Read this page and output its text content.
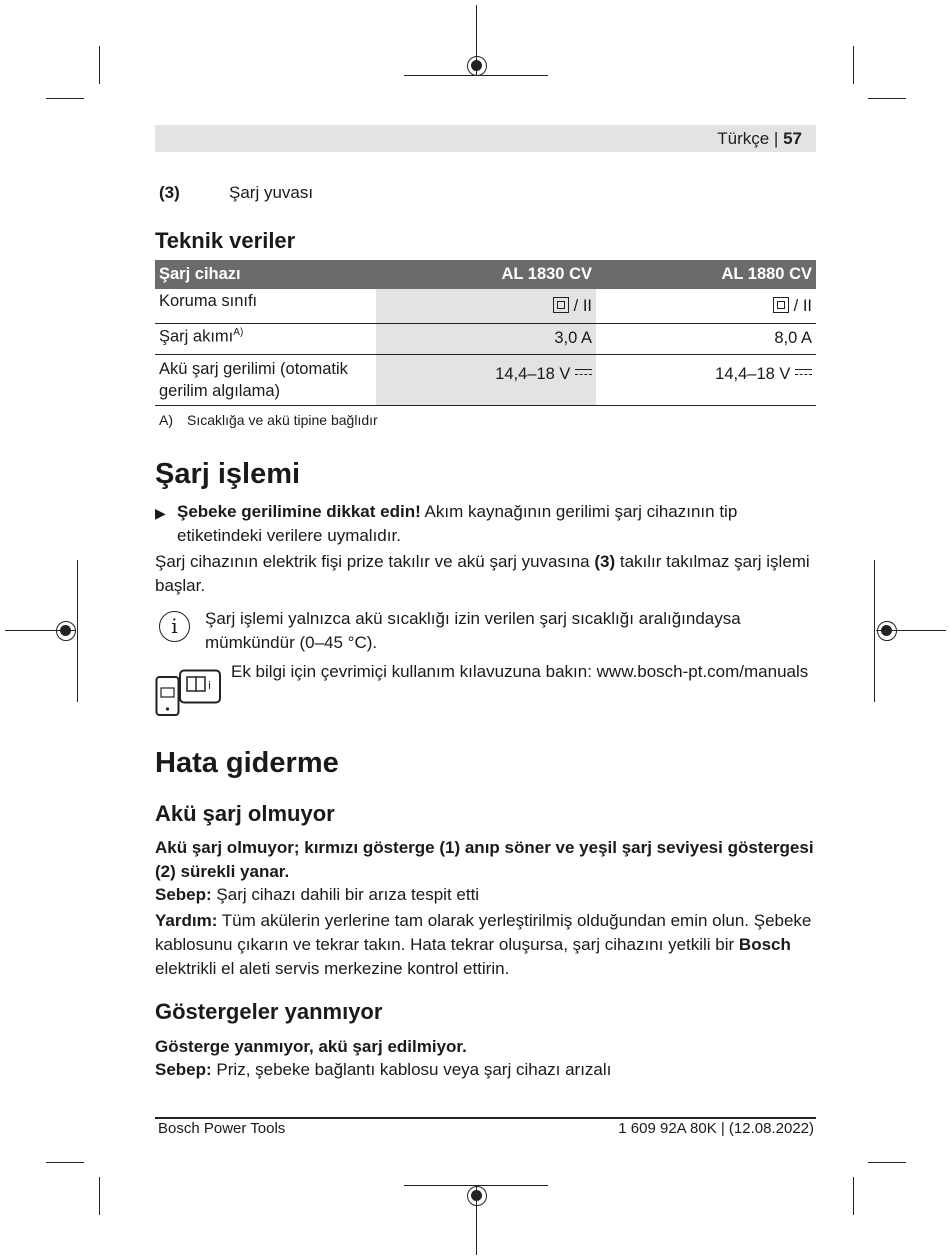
Türkçe | 57
(3)	Şarj yuvası
Teknik veriler
Şarj cihazı	AL 1830 CV	AL 1880 CV
Koruma sınıfı	/ II	/ II
Şarj akımı$^{A)}$	3,0 A	8,0 A
Akü şarj gerilimi (otomatik gerilim algılama)	14,4–18 V	14,4–18 V
A) Sıcaklığa ve akü tipine bağlıdır
Şarj işlemi
▶ Şebeke gerilimine dikkat edin! Akım kaynağının gerilimi şarj cihazının tip etiketindeki verilere uymalıdır.
Şarj cihazının elektrik fişi prize takılır ve akü şarj yuvasına (3) takılır takılmaz şarj işlemi başlar.
i	Şarj işlemi yalnızca akü sıcaklığı izin verilen şarj sıcaklığı aralığındaysa mümkündür (0–45 °C).
i
Ek bilgi için çevrimiçi kullanım kılavuzuna bakın: www.bosch-pt.com/manuals
Hata giderme
Akü şarj olmuyor
Akü şarj olmuyor; kırmızı gösterge (1) anıp söner ve yeşil şarj seviyesi göstergesi (2) sürekli yanar.
Sebep: Şarj cihazı dahili bir arıza tespit etti
Yardım: Tüm akülerin yerlerine tam olarak yerleştirilmiş olduğundan emin olun. Şebeke kablosunu çıkarın ve tekrar takın. Hata tekrar oluşursa, şarj cihazını yetkili bir Bosch elektrikli el aleti servis merkezine kontrol ettirin.
Göstergeler yanmıyor
Gösterge yanmıyor, akü şarj edilmiyor.
Sebep: Priz, şebeke bağlantı kablosu veya şarj cihazı arızalı
Bosch Power Tools	1 609 92A 80K | (12.08.2022)
